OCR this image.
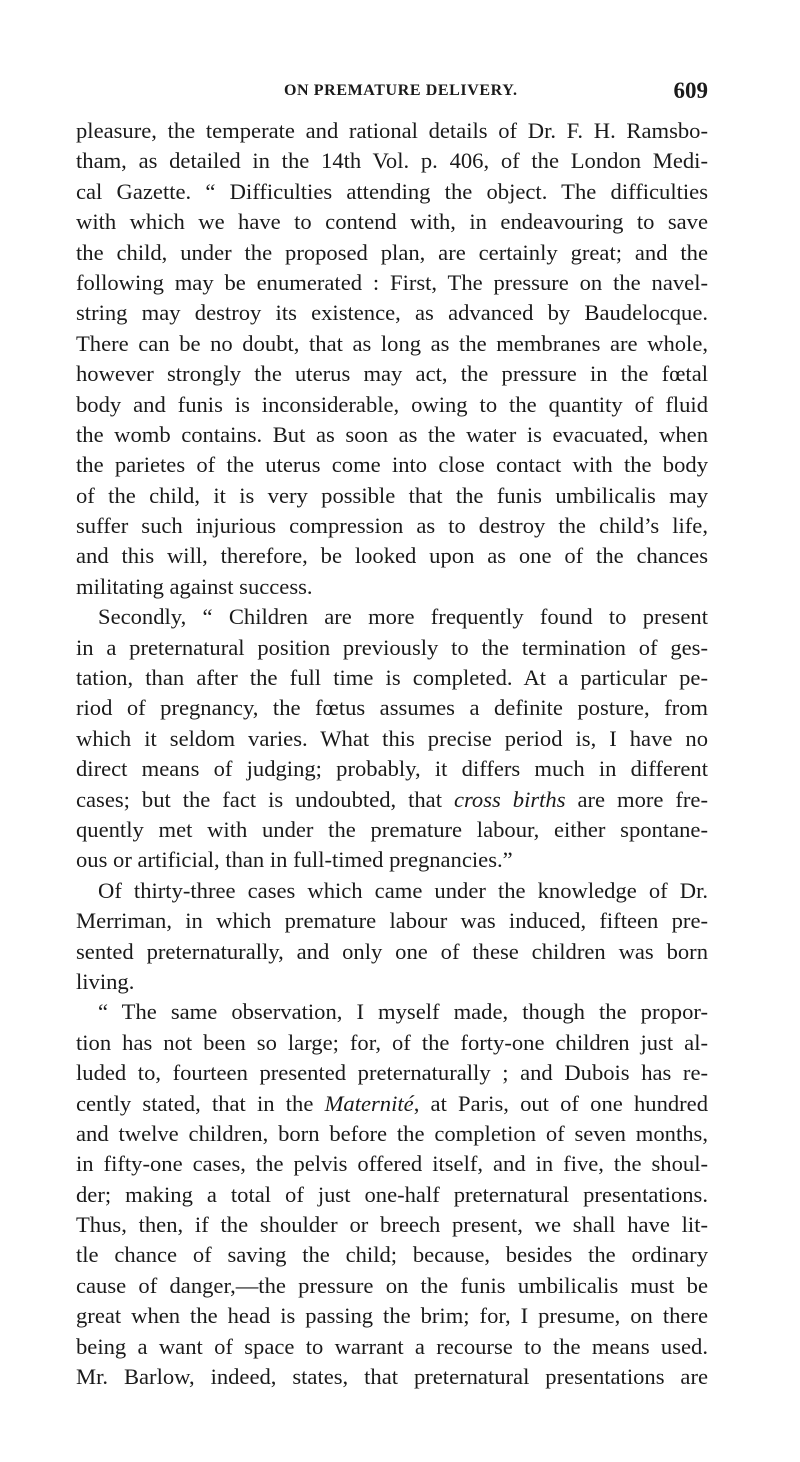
ON PREMATURE DELIVERY.	609
pleasure, the temperate and rational details of Dr. F. H. Ramsbo-
tham, as detailed in the 14th Vol. p. 406, of the London Medi-
cal Gazette. “ Difficulties attending the object. The difficulties
with which we have to contend with, in endeavouring to save
the child, under the proposed plan, are certainly great; and the
following may be enumerated : First, The pressure on the navel-
string may destroy its existence, as advanced by Baudelocque.
There can be no doubt, that as long as the membranes are whole,
however strongly the uterus may act, the pressure in the fœtal
body and funis is inconsiderable, owing to the quantity of fluid
the womb contains. But as soon as the water is evacuated, when
the parietes of the uterus come into close contact with the body
of the child, it is very possible that the funis umbilicalis may
suffer such injurious compression as to destroy the child’s life,
and this will, therefore, be looked upon as one of the chances
militating against success.
Secondly, “ Children are more frequently found to present
in a preternatural position previously to the termination of ges-
tation, than after the full time is completed. At a particular pe-
riod of pregnancy, the fœtus assumes a definite posture, from
which it seldom varies. What this precise period is, I have no
direct means of judging; probably, it differs much in different
cases; but the fact is undoubted, that cross births are more fre-
quently met with under the premature labour, either spontane-
ous or artificial, than in full-timed pregnancies.”
Of thirty-three cases which came under the knowledge of Dr.
Merriman, in which premature labour was induced, fifteen pre-
sented preternaturally, and only one of these children was born
living.
“ The same observation, I myself made, though the propor-
tion has not been so large; for, of the forty-one children just al-
luded to, fourteen presented preternaturally ; and Dubois has re-
cently stated, that in the Maternité, at Paris, out of one hundred
and twelve children, born before the completion of seven months,
in fifty-one cases, the pelvis offered itself, and in five, the shoul-
der; making a total of just one-half preternatural presentations.
Thus, then, if the shoulder or breech present, we shall have lit-
tle chance of saving the child; because, besides the ordinary
cause of danger,—the pressure on the funis umbilicalis must be
great when the head is passing the brim; for, I presume, on there
being a want of space to warrant a recourse to the means used.
Mr. Barlow, indeed, states, that preternatural presentations are
